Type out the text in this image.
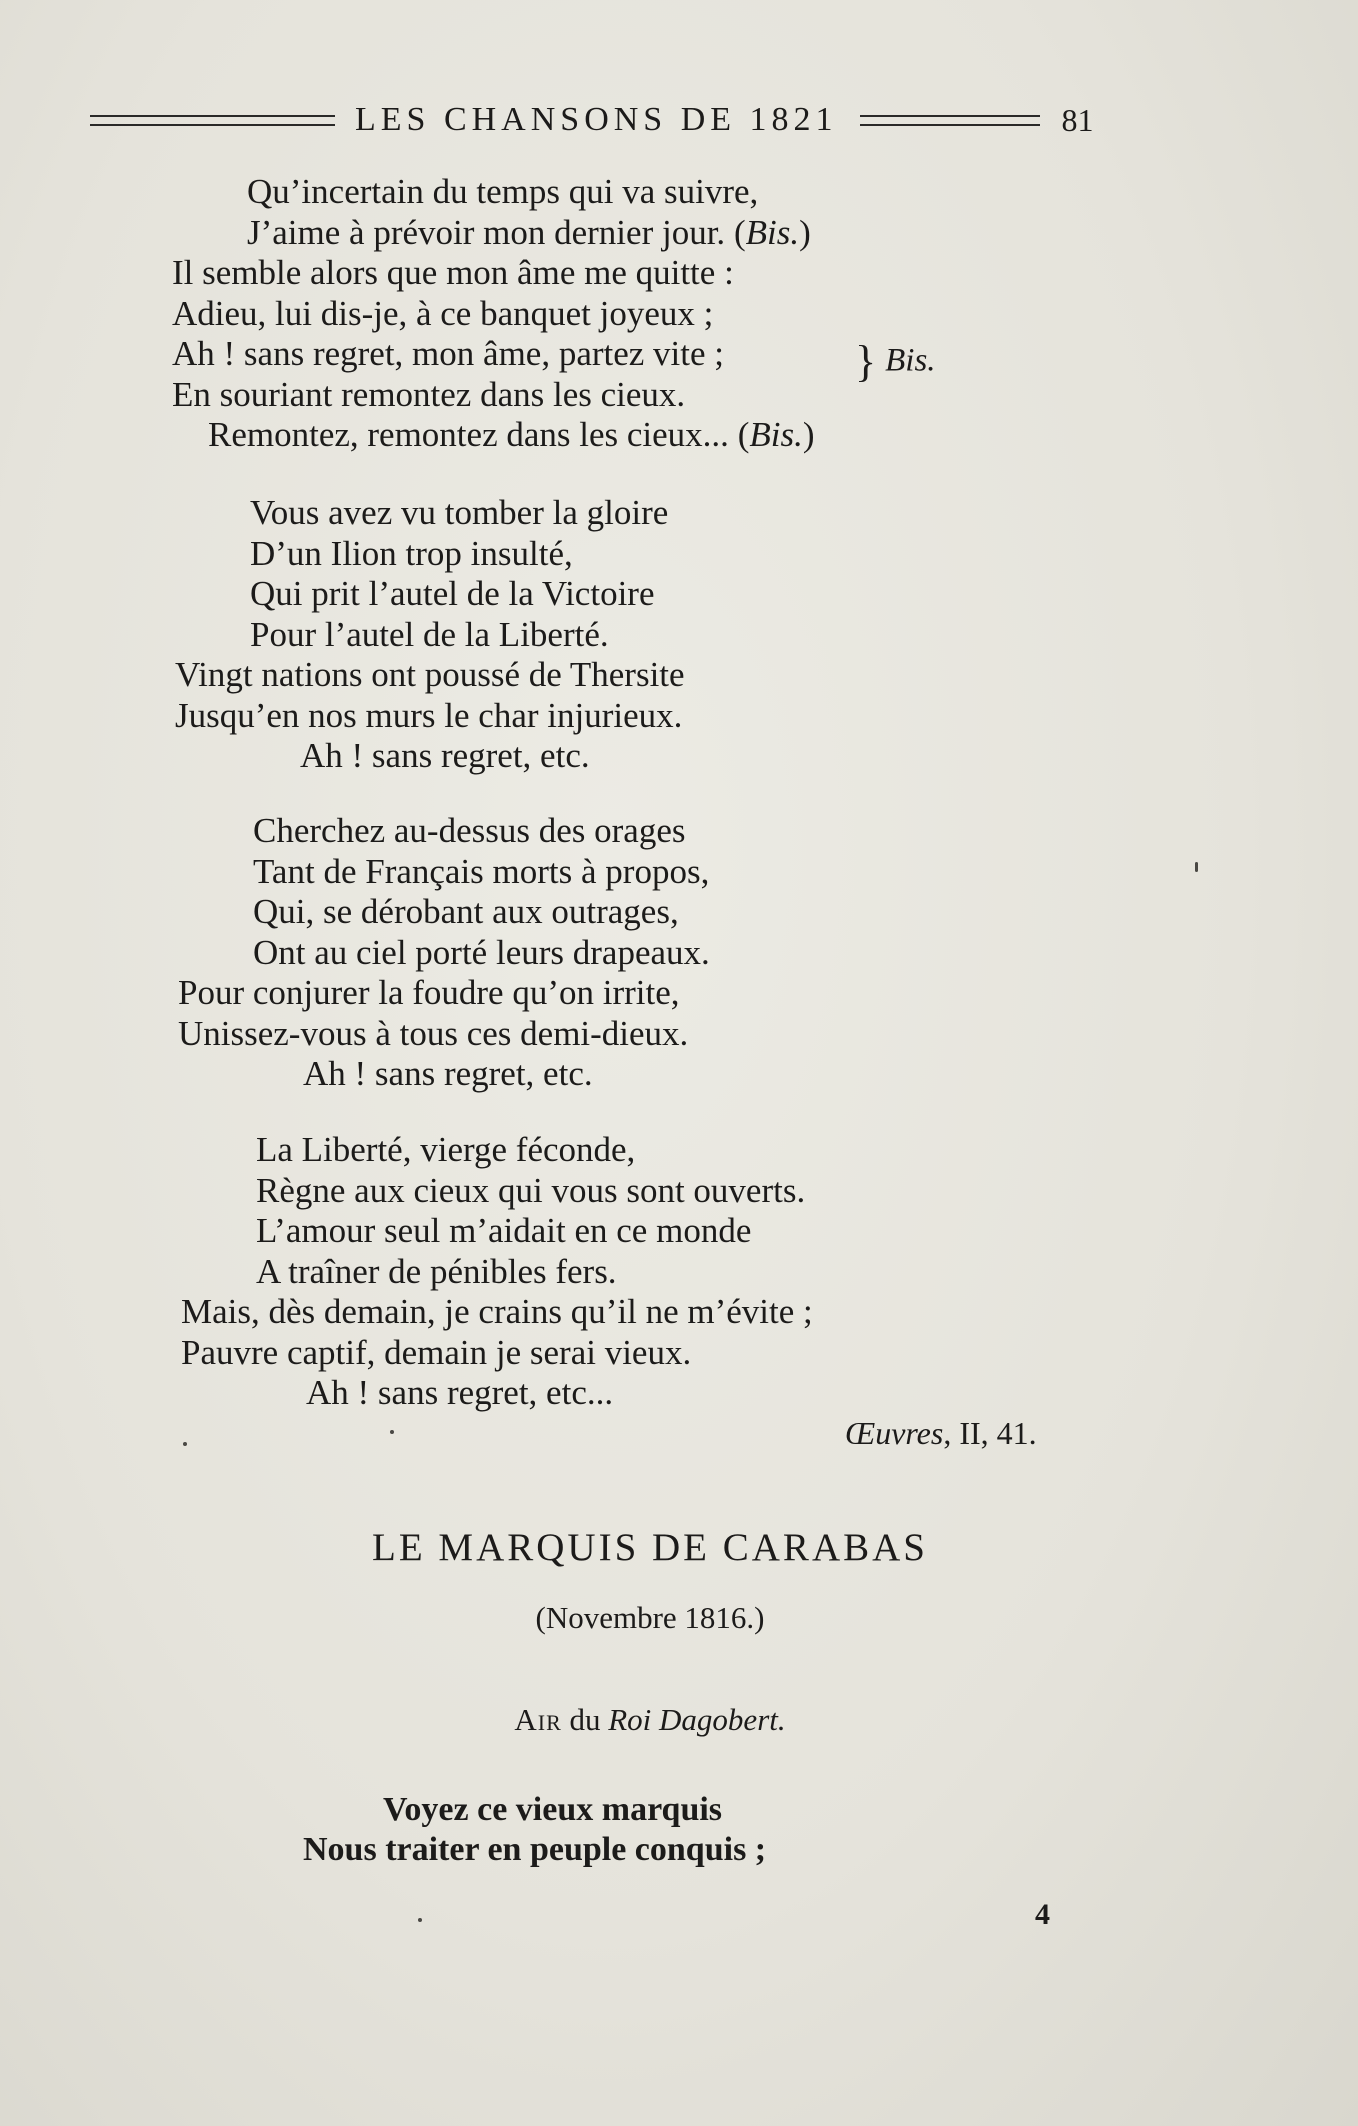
LES CHANSONS DE 1821	81
Qu’incertain du temps qui va suivre,
J’aime à prévoir mon dernier jour. (Bis.)
Il semble alors que mon âme me quitte :
Adieu, lui dis-je, à ce banquet joyeux ;
Ah ! sans regret, mon âme, partez vite ;
En souriant remontez dans les cieux.
Remontez, remontez dans les cieux... (Bis.)
} Bis.
Vous avez vu tomber la gloire
D’un Ilion trop insulté,
Qui prit l’autel de la Victoire
Pour l’autel de la Liberté.
Vingt nations ont poussé de Thersite
Jusqu’en nos murs le char injurieux.
Ah ! sans regret, etc.
Cherchez au-dessus des orages
Tant de Français morts à propos,
Qui, se dérobant aux outrages,
Ont au ciel porté leurs drapeaux.
Pour conjurer la foudre qu’on irrite,
Unissez-vous à tous ces demi-dieux.
Ah ! sans regret, etc.
La Liberté, vierge féconde,
Règne aux cieux qui vous sont ouverts.
L’amour seul m’aidait en ce monde
A traîner de pénibles fers.
Mais, dès demain, je crains qu’il ne m’évite ;
Pauvre captif, demain je serai vieux.
Ah ! sans regret, etc...
Œuvres, II, 41.
LE MARQUIS DE CARABAS
(Novembre 1816.)
Air du Roi Dagobert.
Voyez ce vieux marquis
Nous traiter en peuple conquis ;
4
